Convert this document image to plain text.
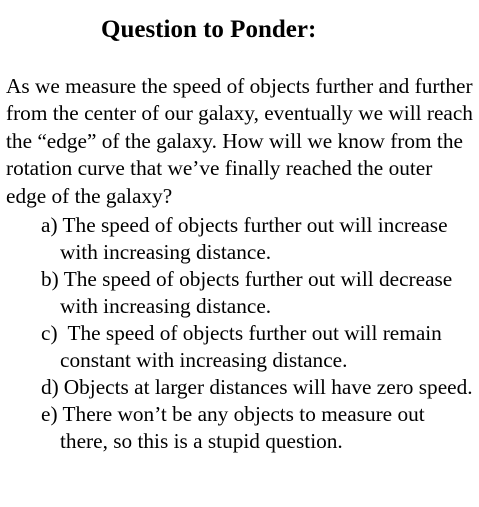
Question to Ponder:

As we measure the speed of objects further and further from the center of our galaxy, eventually we will reach the “edge” of the galaxy. How will we know from the rotation curve that we’ve finally reached the outer edge of the galaxy?

a) The speed of objects further out will increase with increasing distance.
b) The speed of objects further out will decrease with increasing distance.
c) The speed of objects further out will remain constant with increasing distance.
d) Objects at larger distances will have zero speed.
e) There won’t be any objects to measure out there, so this is a stupid question.
